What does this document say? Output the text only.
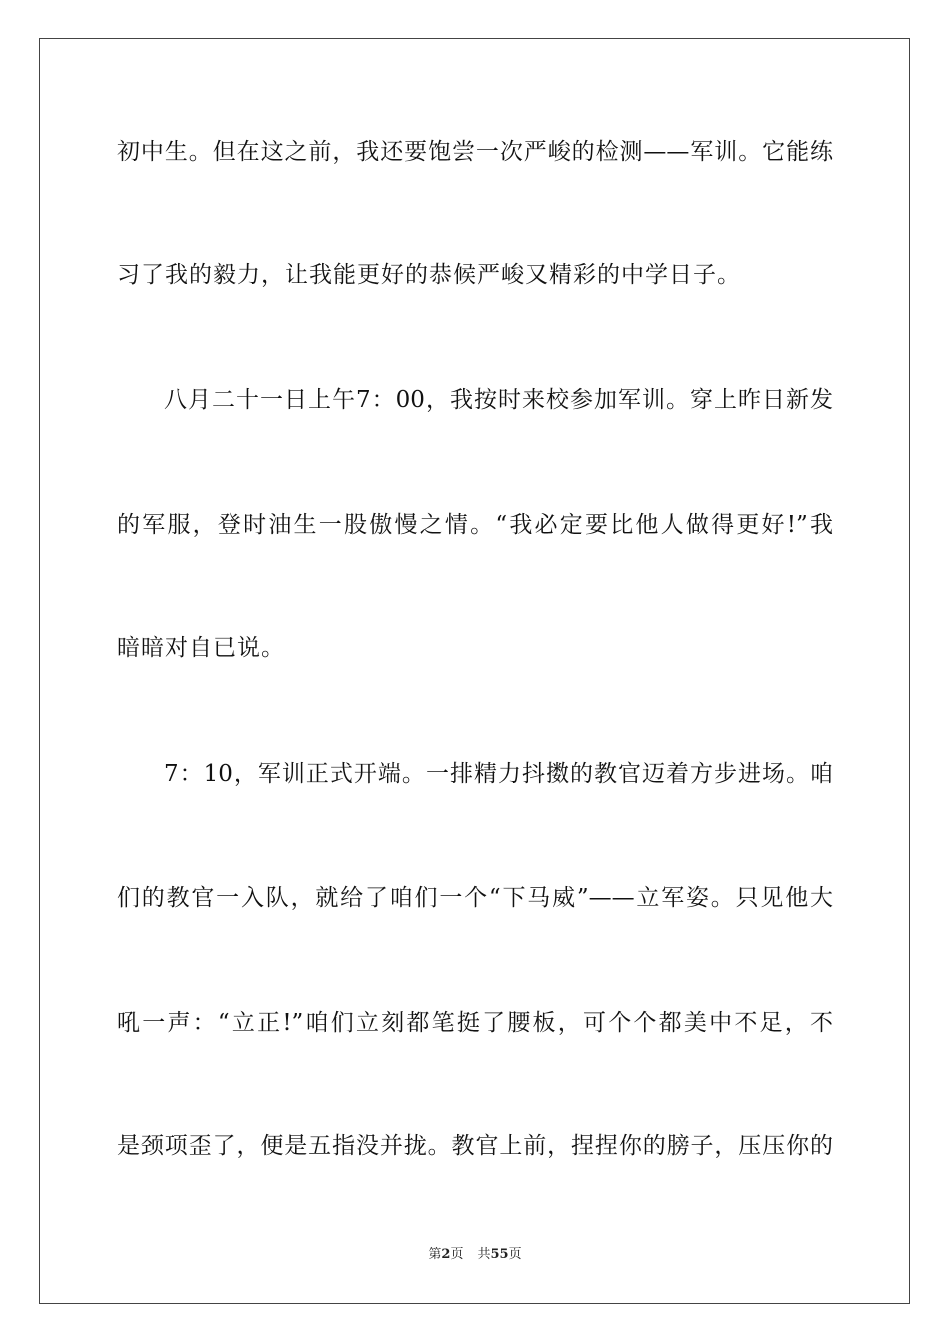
初中生。但在这之前，我还要饱尝一次严峻的检测——军训。它能练
习了我的毅力，让我能更好的恭候严峻又精彩的中学日子。
八月二十一日上午7：00，我按时来校参加军训。穿上昨日新发
的军服，登时油生一股傲慢之情。“我必定要比他人做得更好!”我
暗暗对自已说。
7：10，军训正式开端。一排精力抖擞的教官迈着方步进场。咱
们的教官一入队，就给了咱们一个“下马威”——立军姿。只见他大
吼一声：“立正!”咱们立刻都笔挺了腰板，可个个都美中不足，不
是颈项歪了，便是五指没并拢。教官上前，捏捏你的膀子，压压你的
第2页 共55页
